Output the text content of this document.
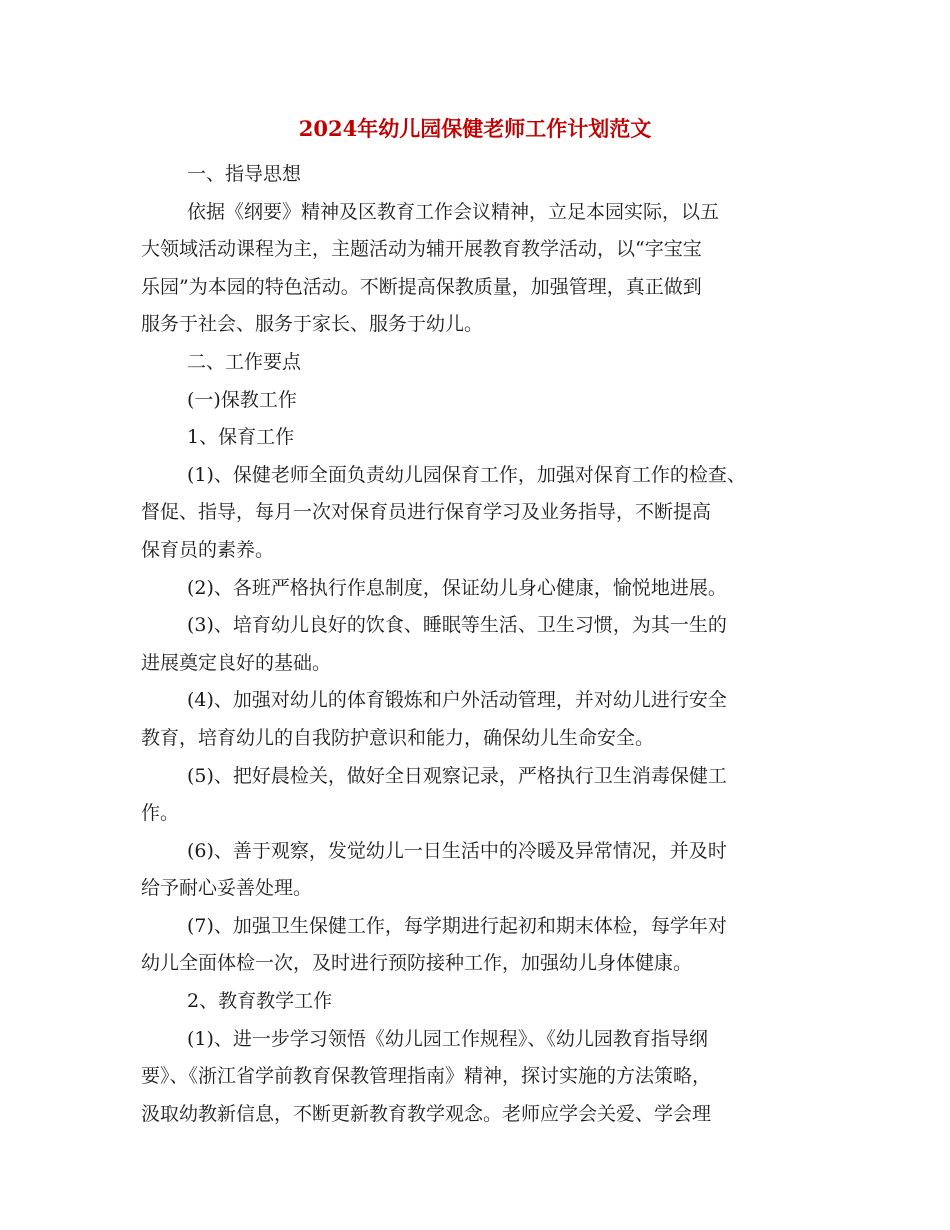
2024年幼儿园保健老师工作计划范文
一、指导思想
依据《纲要》精神及区教育工作会议精神，立足本园实际，以五
大领域活动课程为主，主题活动为辅开展教育教学活动，以“字宝宝
乐园”为本园的特色活动。不断提高保教质量，加强管理，真正做到
服务于社会、服务于家长、服务于幼儿。
二、工作要点
(一)保教工作
1、保育工作
(1)、保健老师全面负责幼儿园保育工作，加强对保育工作的检查、
督促、指导，每月一次对保育员进行保育学习及业务指导，不断提高
保育员的素养。
(2)、各班严格执行作息制度，保证幼儿身心健康，愉悦地进展。
(3)、培育幼儿良好的饮食、睡眠等生活、卫生习惯，为其一生的
进展奠定良好的基础。
(4)、加强对幼儿的体育锻炼和户外活动管理，并对幼儿进行安全
教育，培育幼儿的自我防护意识和能力，确保幼儿生命安全。
(5)、把好晨检关，做好全日观察记录，严格执行卫生消毒保健工
作。
(6)、善于观察，发觉幼儿一日生活中的冷暖及异常情况，并及时
给予耐心妥善处理。
(7)、加强卫生保健工作，每学期进行起初和期末体检，每学年对
幼儿全面体检一次，及时进行预防接种工作，加强幼儿身体健康。
2、教育教学工作
(1)、进一步学习领悟《幼儿园工作规程》、《幼儿园教育指导纲
要》、《浙江省学前教育保教管理指南》精神，探讨实施的方法策略，
汲取幼教新信息，不断更新教育教学观念。老师应学会关爱、学会理
